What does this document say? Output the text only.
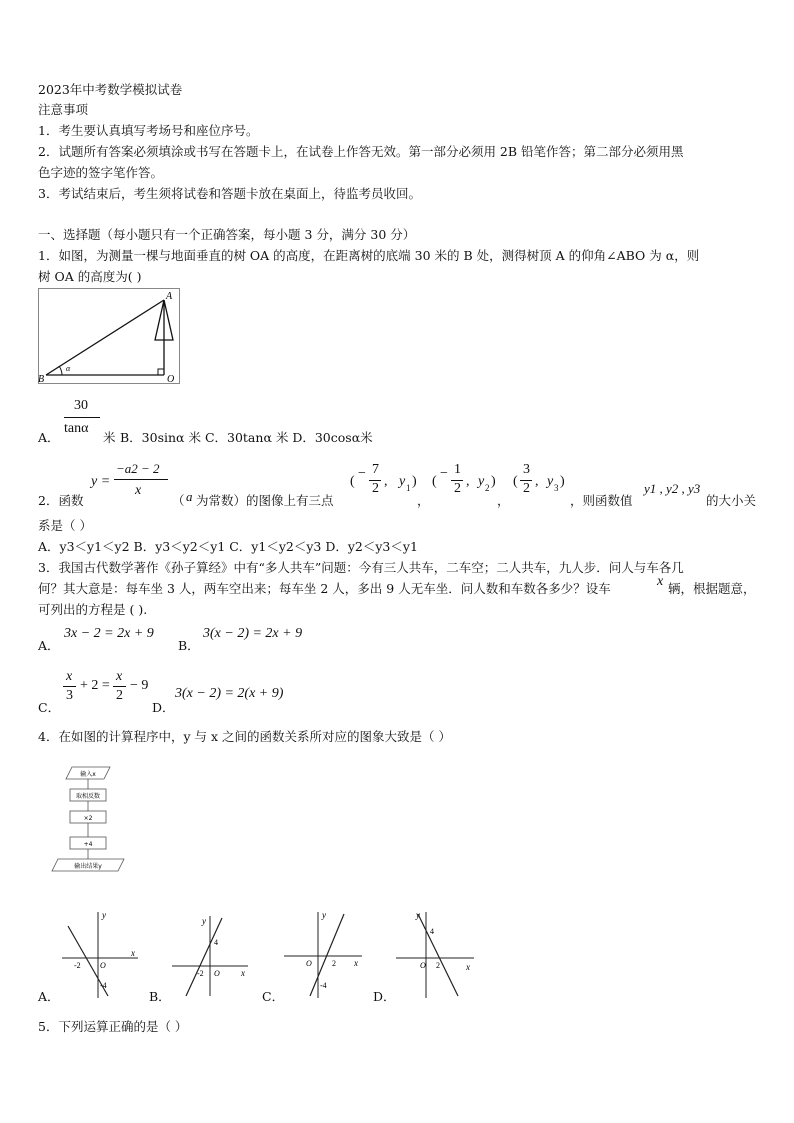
2023年中考数学模拟试卷
注意事项
1．考生要认真填写考场号和座位序号。
2．试题所有答案必须填涂或书写在答题卡上，在试卷上作答无效。第一部分必须用 2B 铅笔作答；第二部分必须用黑
色字迹的签字笔作答。
3．考试结束后，考生须将试卷和答题卡放在桌面上，待监考员收回。
一、选择题（每小题只有一个正确答案，每小题 3 分，满分 30 分）
1．如图，为测量一棵与地面垂直的树 OA 的高度，在距离树的底端 30 米的 B 处，测得树顶 A 的仰角∠ABO 为 α，则
树 OA 的高度为( )
A
B	O
α
A．
30
tanα
米 B．30sinα 米 C．30tanα 米 D．30cosα米
2．函数
y =
−a2 − 2
x
（ a 为常数）的图像上有三点
(
− 7
2 , y 1 )
，
(
− 1
2 , y 2 )
，
(
3
2 , y 3 )
，则函数值
y1 , y2 , y3
的大小关
系是（ ）
A．y3＜y1＜y2 B．y3＜y2＜y1 C．y1＜y2＜y3 D．y2＜y3＜y1
3．我国古代数学著作《孙子算经》中有“多人共车”问题：今有三人共车，二车空；二人共车，九人步．问人与车各几
何？其大意是：每车坐 3 人，两车空出来；每车坐 2 人，多出 9 人无车坐．问人数和车数各多少？设车	x 辆，根据题意，
可列出的方程是 ( ).
A．
3x − 2 = 2x + 9
B．
3(x − 2) = 2x + 9
C．
x
3
+ 2 =
x
2
− 9
D．
3(x − 2) = 2(x + 9)
4．在如图的计算程序中，y 与 x 之间的函数关系所对应的图象大致是（ ）
输入x
取相反数
×2
+4
输出结果y
x
y
O
-2
-4
A．
x
y
O
4
-2
B．
x
y
O	2
-4
C．
x
y
O
4
2
D．
5．下列运算正确的是（ ）
